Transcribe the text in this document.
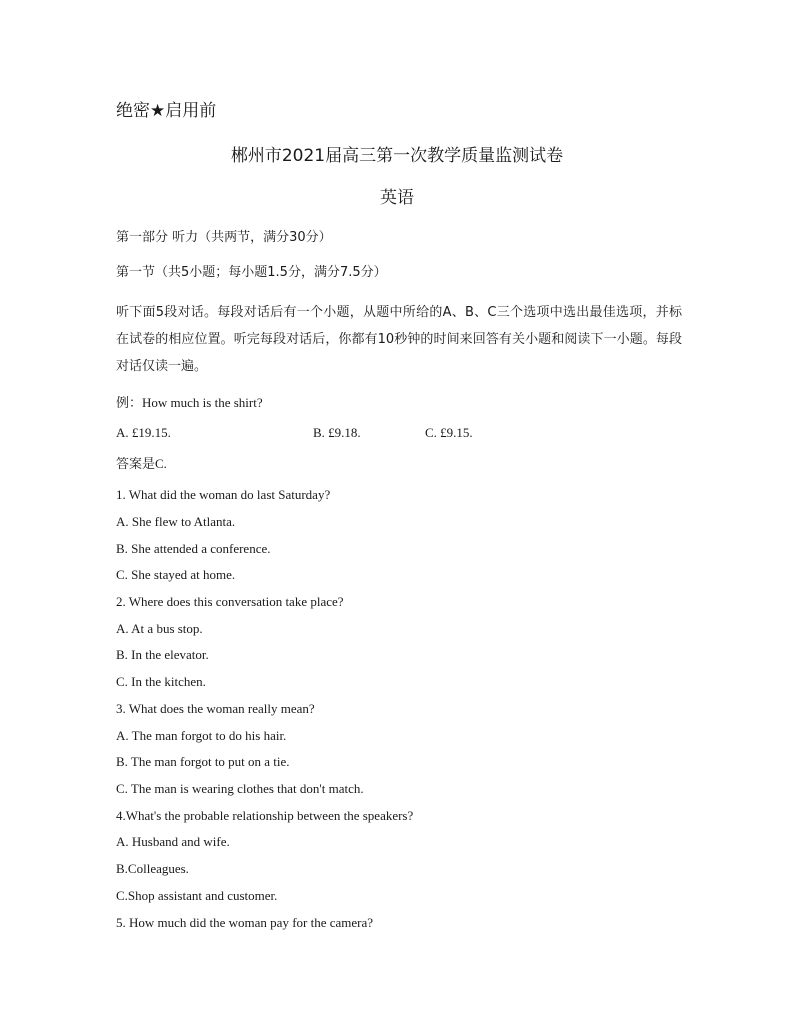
绝密★启用前
郴州市2021届高三第一次教学质量监测试卷
英语
第一部分 听力（共两节，满分30分）
第一节（共5小题；每小题1.5分，满分7.5分）
听下面5段对话。每段对话后有一个小题，从题中所给的A、B、C三个选项中选出最佳选项，并标在试卷的相应位置。听完每段对话后，你都有10秒钟的时间来回答有关小题和阅读下一小题。每段对话仅读一遍。
例：How much is the shirt?
A. £19.15.	B. £9.18.	C. £9.15.
答案是C.
1. What did the woman do last Saturday?
A. She flew to Atlanta.
B. She attended a conference.
C. She stayed at home.
2. Where does this conversation take place?
A. At a bus stop.
B. In the elevator.
C. In the kitchen.
3. What does the woman really mean?
A. The man forgot to do his hair.
B. The man forgot to put on a tie.
C. The man is wearing clothes that don't match.
4.What's the probable relationship between the speakers?
A. Husband and wife.
B.Colleagues.
C.Shop assistant and customer.
5. How much did the woman pay for the camera?
